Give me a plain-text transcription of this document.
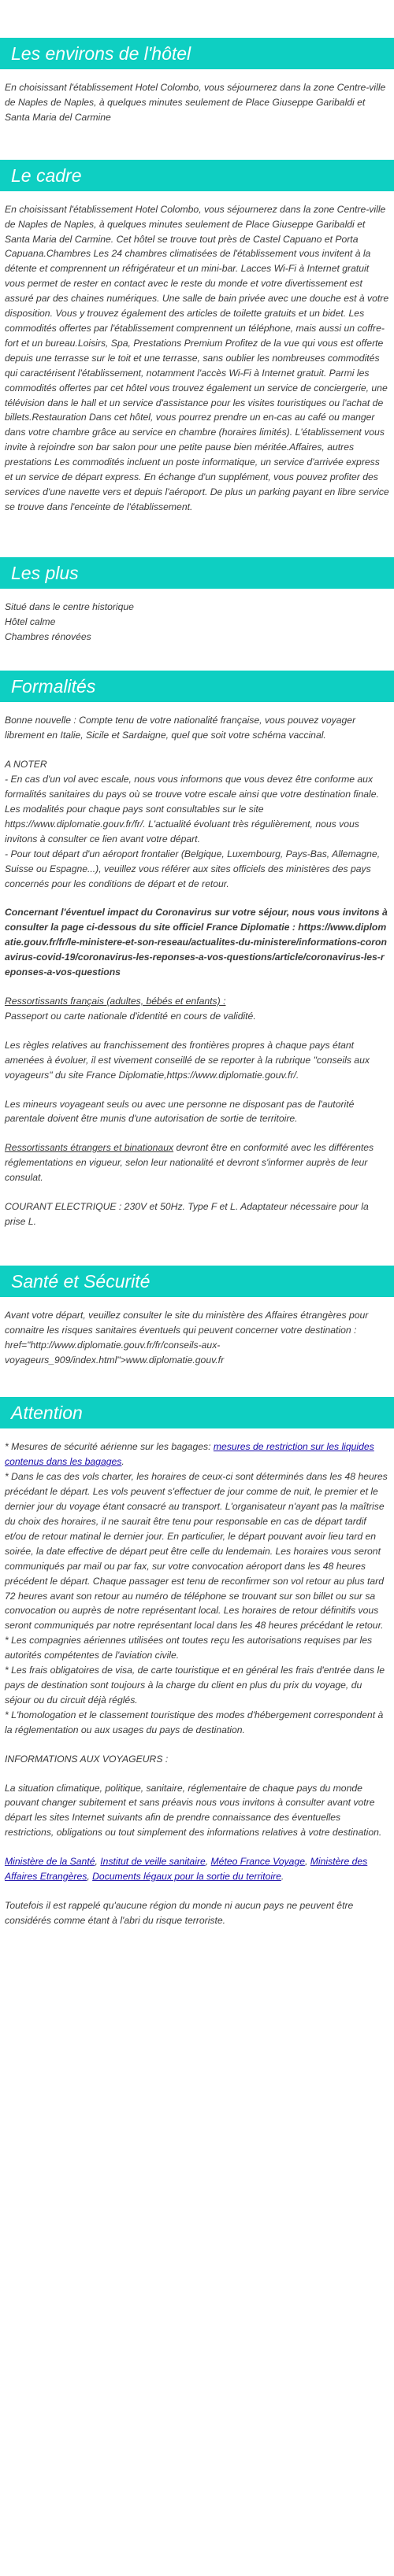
Les environs de l'hôtel

En choisissant l'établissement Hotel Colombo, vous séjournerez dans la zone Centre-ville de Naples de Naples, à quelques minutes seulement de Place Giuseppe Garibaldi et Santa Maria del Carmine

Le cadre

En choisissant l'établissement Hotel Colombo, vous séjournerez dans la zone Centre-ville de Naples de Naples, à quelques minutes seulement de Place Giuseppe Garibaldi et Santa Maria del Carmine. Cet hôtel se trouve tout près de Castel Capuano et Porta Capuana.Chambres Les 24 chambres climatisées de l'établissement vous invitent à la détente et comprennent un réfrigérateur et un mini-bar. Lacces Wi-Fi à Internet gratuit vous permet de rester en contact avec le reste du monde et votre divertissement est assuré par des chaines numériques. Une salle de bain privée avec une douche est à votre disposition. Vous y trouvez également des articles de toilette gratuits et un bidet. Les commodités offertes par l'établissement comprennent un téléphone, mais aussi un coffre-fort et un bureau.Loisirs, Spa, Prestations Premium Profitez de la vue qui vous est offerte depuis une terrasse sur le toit et une terrasse, sans oublier les nombreuses commodités qui caractérisent l'établissement, notamment l'accès Wi-Fi à Internet gratuit. Parmi les commodités offertes par cet hôtel vous trouvez également un service de conciergerie, une télévision dans le hall et un service d'assistance pour les visites touristiques ou l'achat de billets.Restauration Dans cet hôtel, vous pourrez prendre un en-cas au café ou manger dans votre chambre grâce au service en chambre (horaires limités). L'établissement vous invite à rejoindre son bar salon pour une petite pause bien méritée.Affaires, autres prestations Les commodités incluent un poste informatique, un service d'arrivée express et un service de départ express. En échange d'un supplément, vous pouvez profiter des services d'une navette vers et depuis l'aéroport. De plus un parking payant en libre service se trouve dans l'enceinte de l'établissement.

Les plus
Situé dans le centre historique
Hôtel calme
Chambres rénovées
Formalités

Bonne nouvelle : Compte tenu de votre nationalité française, vous pouvez voyager librement en Italie, Sicile et Sardaigne, quel que soit votre schéma vaccinal.

A NOTER

- En cas d'un vol avec escale, nous vous informons que vous devez être conforme aux formalités sanitaires du pays où se trouve votre escale ainsi que votre destination finale.

Les modalités pour chaque pays sont consultables sur le site https://www.diplomatie.gouv.fr/fr/. L'actualité évoluant très régulièrement, nous vous invitons à consulter ce lien avant votre départ.

- Pour tout départ d'un aéroport frontalier (Belgique, Luxembourg, Pays-Bas, Allemagne, Suisse ou Espagne...), veuillez vous référer aux sites officiels des ministères des pays concernés pour les conditions de départ et de retour.

Concernant l'éventuel impact du Coronavirus sur votre séjour, nous vous invitons à consulter la page ci-dessous du site officiel France Diplomatie : https://www.diplomatie.gouv.fr/fr/le-ministere-et-son-reseau/actualites-du-ministere/informations-coronavirus-covid-19/coronavirus-les-reponses-a-vos-questions/article/coronavirus-les-reponses-a-vos-questions

Ressortissants français (adultes, bébés et enfants) :

Passeport ou carte nationale d'identité en cours de validité.

Les règles relatives au franchissement des frontières propres à chaque pays étant amenées à évoluer, il est vivement conseillé de se reporter à la rubrique "conseils aux voyageurs" du site France Diplomatie,https://www.diplomatie.gouv.fr/.

Les mineurs voyageant seuls ou avec une personne ne disposant pas de l'autorité parentale doivent être munis d'une autorisation de sortie de territoire.

Ressortissants étrangers et binationaux devront être en conformité avec les différentes réglementations en vigueur, selon leur nationalité et devront s'informer auprès de leur consulat.

COURANT ELECTRIQUE : 230V et 50Hz. Type F et L. Adaptateur nécessaire pour la prise L.

Santé et Sécurité

Avant votre départ, veuillez consulter le site du ministère des Affaires étrangères pour connaitre les risques sanitaires éventuels qui peuvent concerner votre destination : href="http://www.diplomatie.gouv.fr/fr/conseils-aux-voyageurs_909/index.html">www.diplomatie.gouv.fr

Attention

* Mesures de sécurité aérienne sur les bagages: mesures de restriction sur les liquides contenus dans les bagages.

* Dans le cas des vols charter, les horaires de ceux-ci sont déterminés dans les 48 heures précédant le départ. Les vols peuvent s'effectuer de jour comme de nuit, le premier et le dernier jour du voyage étant consacré au transport. L'organisateur n'ayant pas la maîtrise du choix des horaires, il ne saurait être tenu pour responsable en cas de départ tardif et/ou de retour matinal le dernier jour. En particulier, le départ pouvant avoir lieu tard en soirée, la date effective de départ peut être celle du lendemain. Les horaires vous seront communiqués par mail ou par fax, sur votre convocation aéroport dans les 48 heures précédent le départ. Chaque passager est tenu de reconfirmer son vol retour au plus tard 72 heures avant son retour au numéro de téléphone se trouvant sur son billet ou sur sa convocation ou auprès de notre représentant local. Les horaires de retour définitifs vous seront communiqués par notre représentant local dans les 48 heures précédant le retour.

* Les compagnies aériennes utilisées ont toutes reçu les autorisations requises par les autorités compétentes de l'aviation civile.

* Les frais obligatoires de visa, de carte touristique et en général les frais d'entrée dans le pays de destination sont toujours à la charge du client en plus du prix du voyage, du séjour ou du circuit déjà réglés.

* L'homologation et le classement touristique des modes d'hébergement correspondent à la réglementation ou aux usages du pays de destination.

INFORMATIONS AUX VOYAGEURS :

La situation climatique, politique, sanitaire, réglementaire de chaque pays du monde pouvant changer subitement et sans préavis nous vous invitons à consulter avant votre départ les sites Internet suivants afin de prendre connaissance des éventuelles restrictions, obligations ou tout simplement des informations relatives à votre destination.

Ministère de la Santé, Institut de veille sanitaire, Méteo France Voyage, Ministère des Affaires Etrangères, Documents légaux pour la sortie du territoire.

Toutefois il est rappelé qu'aucune région du monde ni aucun pays ne peuvent être considérés comme étant à l'abri du risque terroriste.
